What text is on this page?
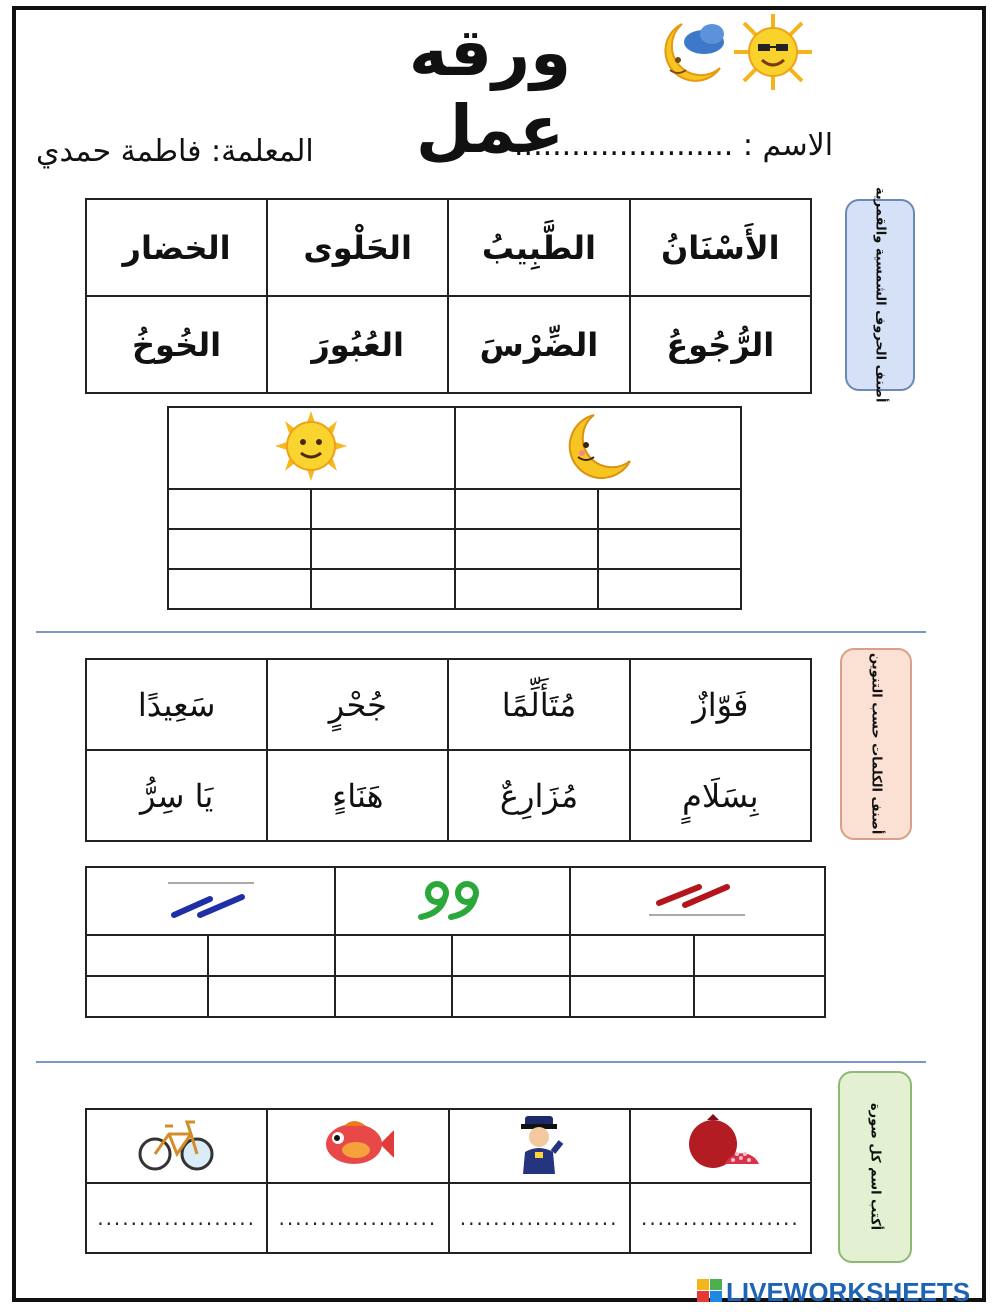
ورقه عمل
الاسم : .......................
المعلمة: فاطمة حمدي
الخضار	الحَلْوى	الطَّبِيبُ	الأَسْنَانُ
الخُوخُ	العُبُورَ	الضِّرْسَ	الرُّجُوعُ	أصنف الحروف الشمسية والقمرية

سَعِيدًا	جُحْرٍ	مُتَأَلِّمًا	فَوّازٌ
يَا سِرُّ	هَنَاءٍ	مُزَارِعٌ	بِسَلَامٍ	أصنف الكلمات حسب التنوين

...................	...................	...................	...................	أكتب اسم كل صورة
LIVEWORKSHEETS
